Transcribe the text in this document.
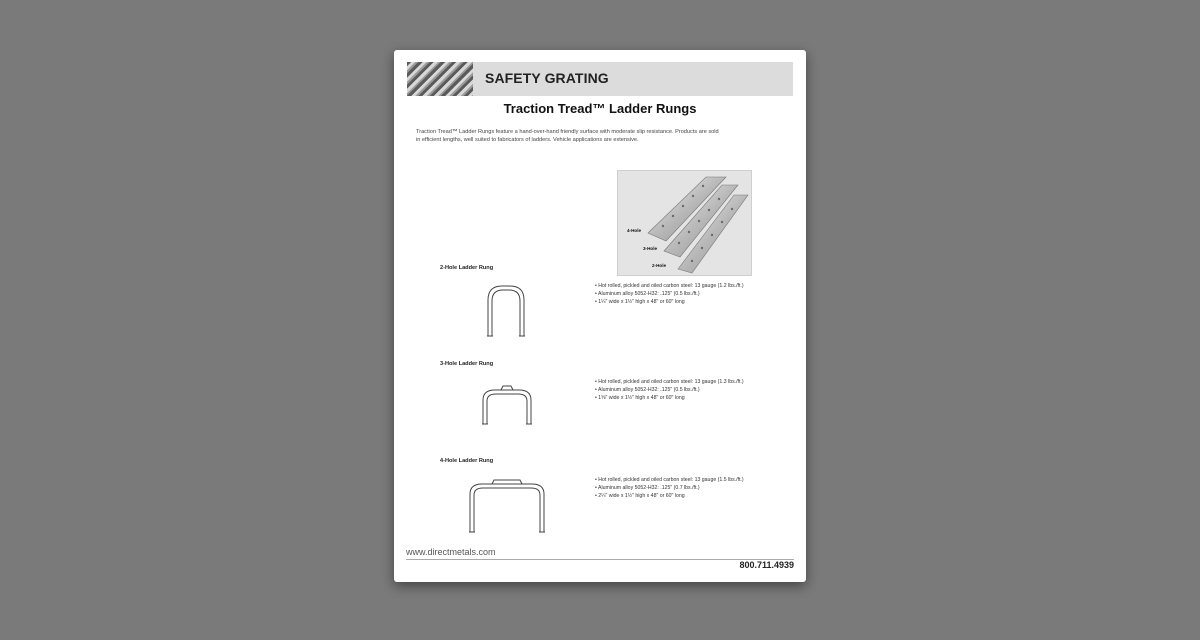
SAFETY GRATING
Traction Tread™ Ladder Rungs
Traction Tread™ Ladder Rungs feature a hand-over-hand friendly surface with moderate slip resistance. Products are sold
in efficient lengths, well suited to fabricators of ladders. Vehicle applications are extensive.
4-Hole
3-Hole
2-Hole
2-Hole Ladder Rung
• Hot rolled, pickled and oiled carbon steel: 13 gauge (1.2 lbs./ft.)
• Aluminum alloy 5052-H32: .125" (0.5 lbs./ft.)
• 1¼" wide x 1½" high x 48" or 60" long
3-Hole Ladder Rung
• Hot rolled, pickled and oiled carbon steel: 13 gauge (1.3 lbs./ft.)
• Aluminum alloy 5052-H32: .125" (0.5 lbs./ft.)
• 1⅝" wide x 1½" high x 48" or 60" long
4-Hole Ladder Rung
• Hot rolled, pickled and oiled carbon steel: 13 gauge (1.5 lbs./ft.)
• Aluminum alloy 5052-H32: .125" (0.7 lbs./ft.)
• 2¼" wide x 1½" high x 48" or 60" long
www.directmetals.com
800.711.4939
